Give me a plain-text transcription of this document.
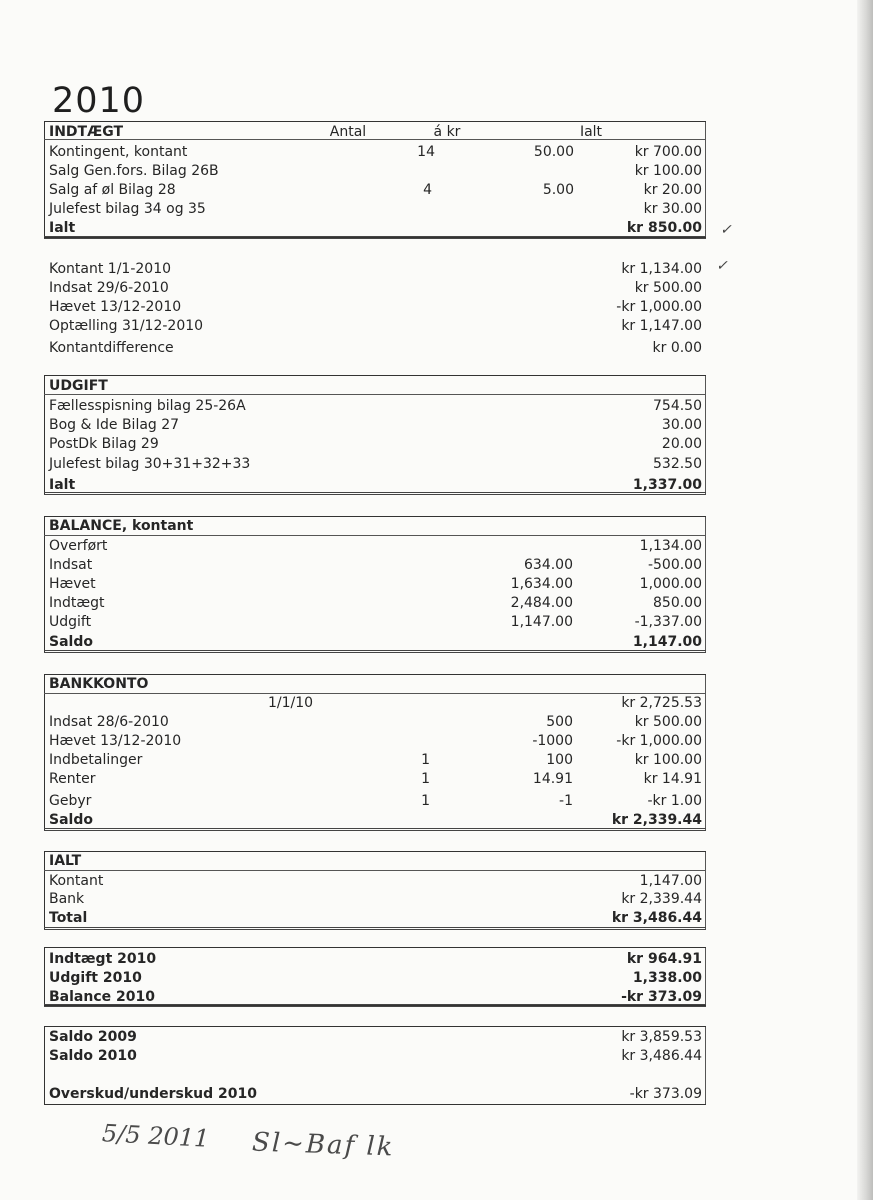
2010
INDTÆGT	Antal	á kr	Ialt
Kontingent, kontant	14	50.00	kr 700.00
Salg Gen.fors. Bilag 26B	kr 100.00
Salg af øl Bilag 28	4	5.00	kr 20.00
Julefest bilag 34 og 35	kr 30.00
Ialt	kr 850.00 ✓
Kontant 1/1-2010	kr 1,134.00 ✓
Indsat 29/6-2010	kr 500.00
Hævet 13/12-2010	-kr 1,000.00
Optælling 31/12-2010	kr 1,147.00
Kontantdifference	kr 0.00
UDGIFT
Fællesspisning bilag 25-26A	754.50
Bog & Ide Bilag 27	30.00
PostDk Bilag 29	20.00
Julefest bilag 30+31+32+33	532.50
Ialt	1,337.00
BALANCE, kontant
Overført	1,134.00
Indsat	634.00	-500.00
Hævet	1,634.00	1,000.00
Indtægt	2,484.00	850.00
Udgift	1,147.00	-1,337.00
Saldo	1,147.00
BANKKONTO
1/1/10	kr 2,725.53
Indsat 28/6-2010	500	kr 500.00
Hævet 13/12-2010	-1000	-kr 1,000.00
Indbetalinger	1	100	kr 100.00
Renter	1	14.91	kr 14.91
Gebyr	1	-1	-kr 1.00
Saldo	kr 2,339.44
IALT
Kontant	1,147.00
Bank	kr 2,339.44
Total	kr 3,486.44
Indtægt 2010	kr 964.91
Udgift 2010	1,338.00
Balance 2010	-kr 373.09
Saldo 2009	kr 3,859.53
Saldo 2010	kr 3,486.44
Overskud/underskud 2010	-kr 373.09
5/5 2011 Sl~Baf lk
